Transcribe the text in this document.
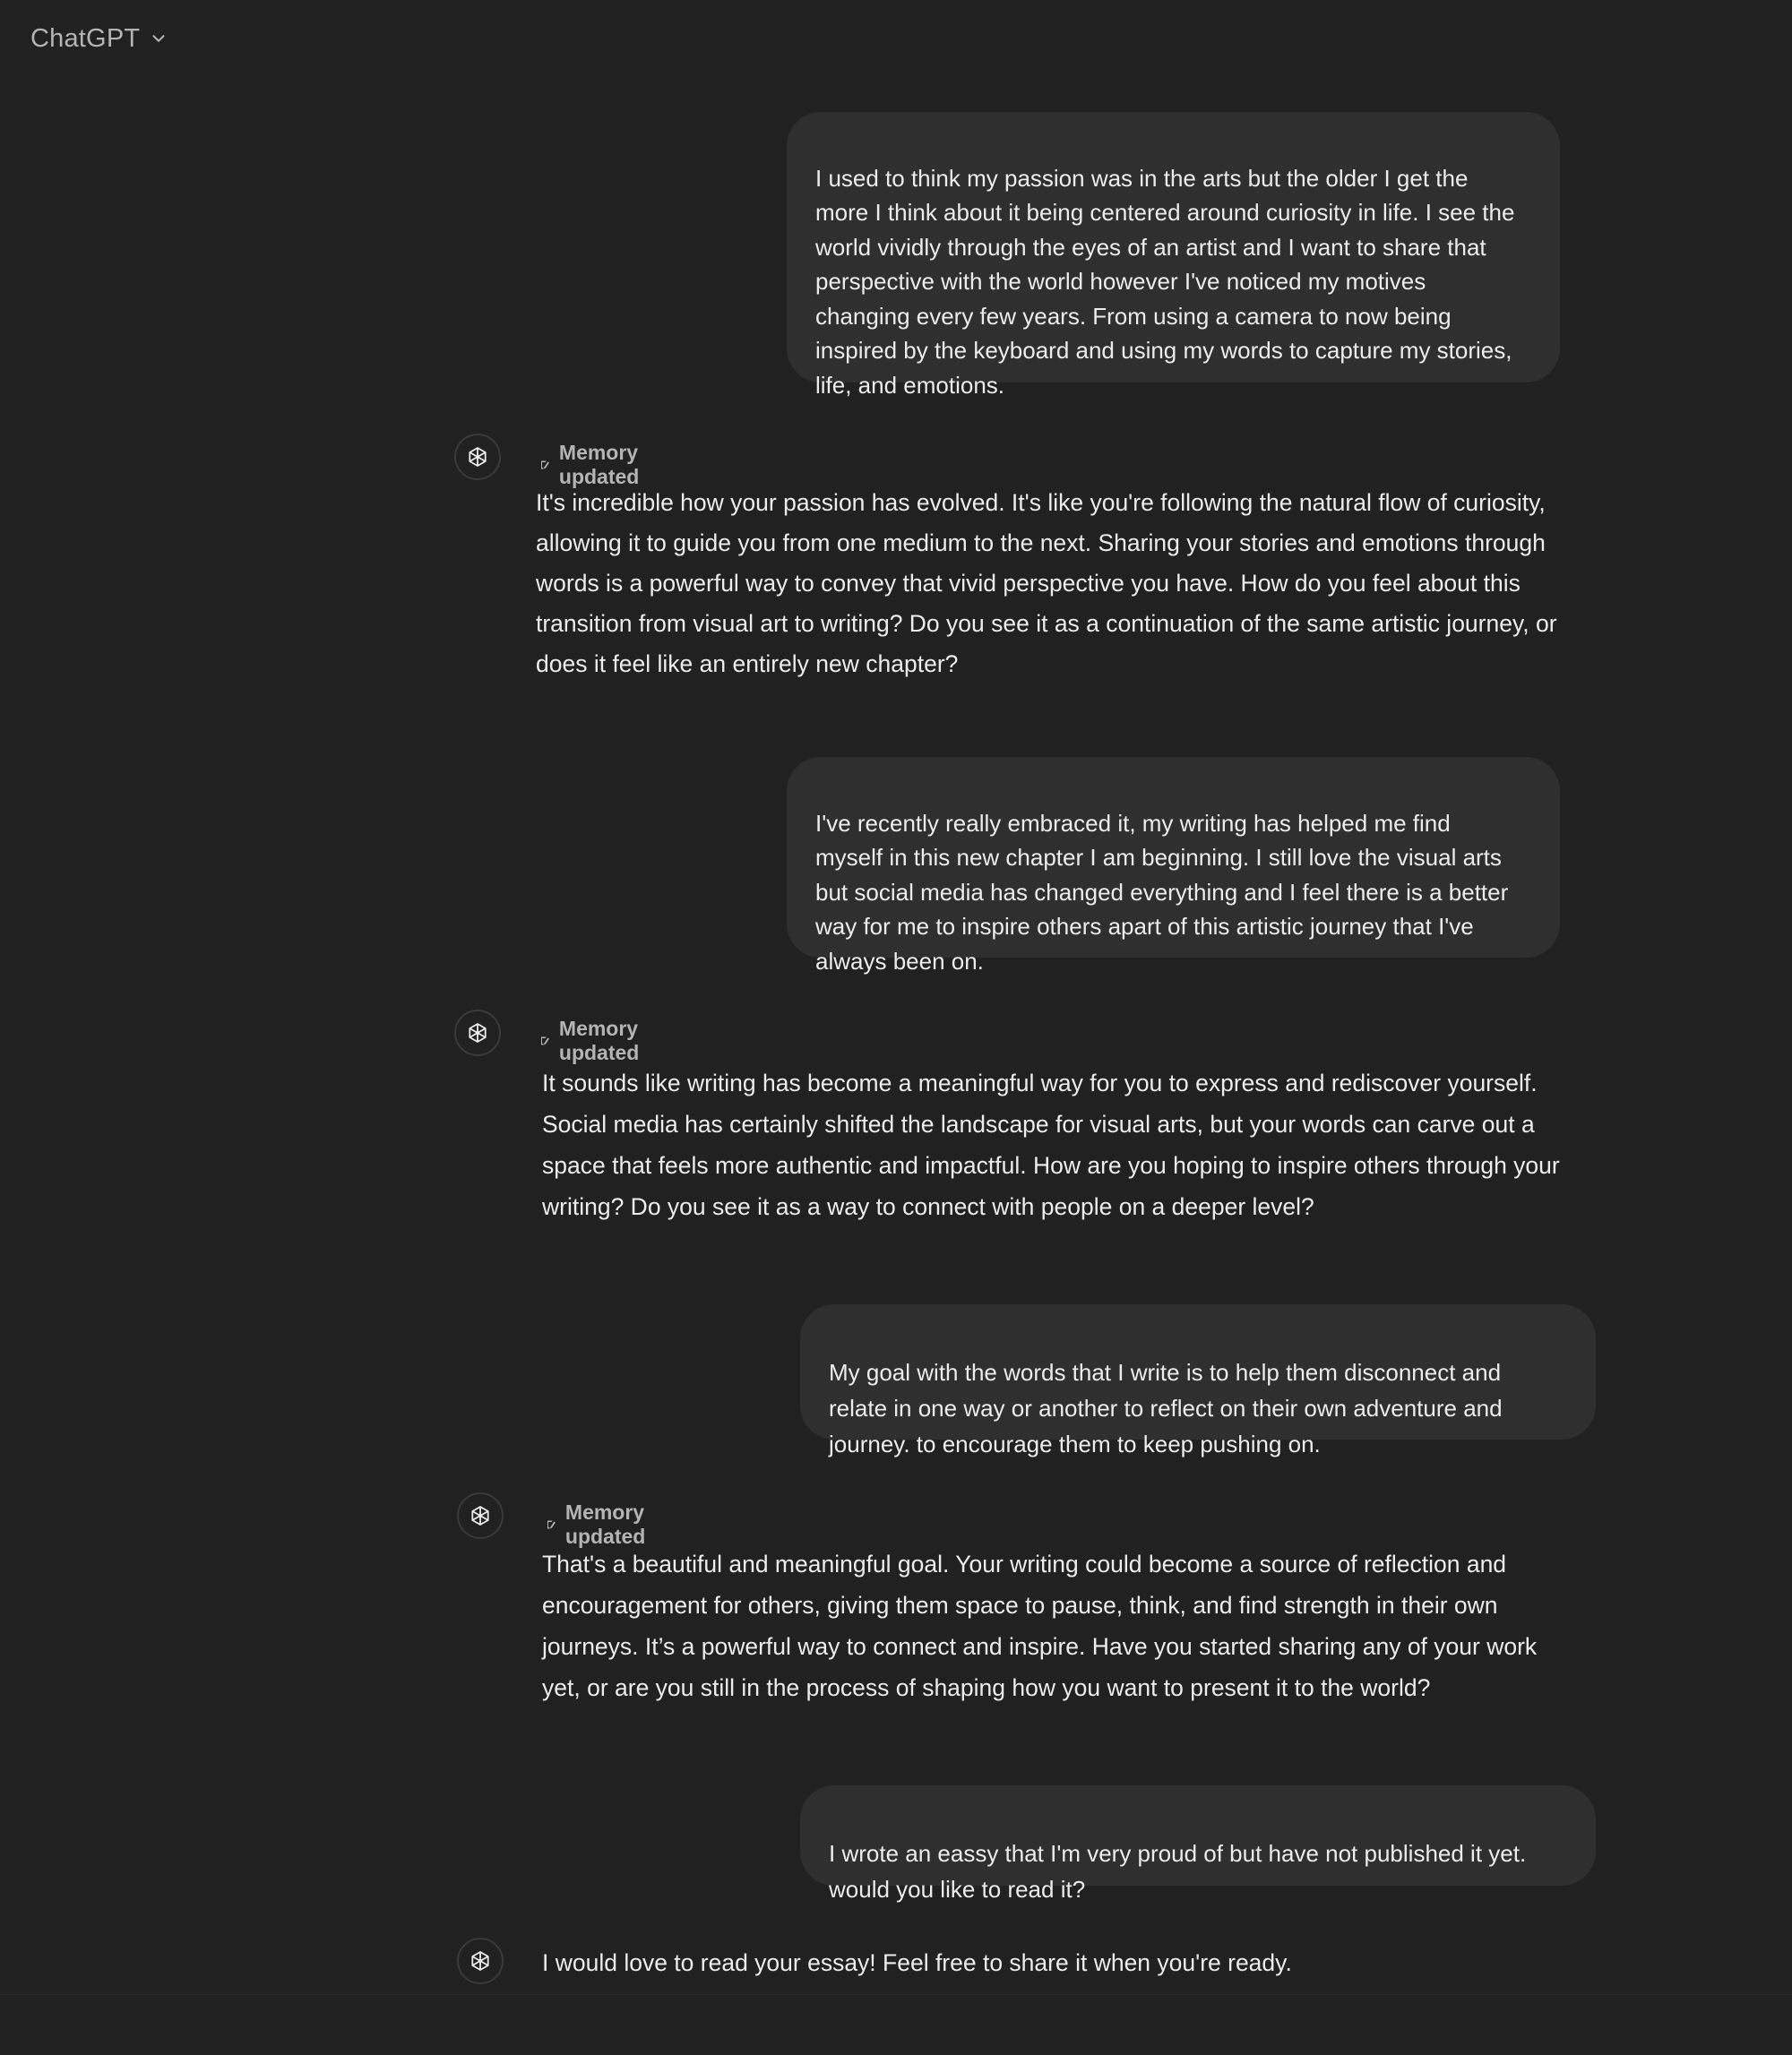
ChatGPT

I used to think my passion was in the arts but the older I get the
more I think about it being centered around curiosity in life. I see the
world vividly through the eyes of an artist and I want to share that
perspective with the world however I've noticed my motives
changing every few years. From using a camera to now being
inspired by the keyboard and using my words to capture my stories,
life, and emotions.

Memory updated
It's incredible how your passion has evolved. It's like you're following the natural flow of curiosity,
allowing it to guide you from one medium to the next. Sharing your stories and emotions through
words is a powerful way to convey that vivid perspective you have. How do you feel about this
transition from visual art to writing? Do you see it as a continuation of the same artistic journey, or
does it feel like an entirely new chapter?

I've recently really embraced it, my writing has helped me find
myself in this new chapter I am beginning. I still love the visual arts
but social media has changed everything and I feel there is a better
way for me to inspire others apart of this artistic journey that I've
always been on.

Memory updated
It sounds like writing has become a meaningful way for you to express and rediscover yourself.
Social media has certainly shifted the landscape for visual arts, but your words can carve out a
space that feels more authentic and impactful. How are you hoping to inspire others through your
writing? Do you see it as a way to connect with people on a deeper level?

My goal with the words that I write is to help them disconnect and
relate in one way or another to reflect on their own adventure and
journey. to encourage them to keep pushing on.

Memory updated
That's a beautiful and meaningful goal. Your writing could become a source of reflection and
encouragement for others, giving them space to pause, think, and find strength in their own
journeys. It’s a powerful way to connect and inspire. Have you started sharing any of your work
yet, or are you still in the process of shaping how you want to present it to the world?

I wrote an eassy that I'm very proud of but have not published it yet.
would you like to read it?

I would love to read your essay! Feel free to share it when you're ready.
